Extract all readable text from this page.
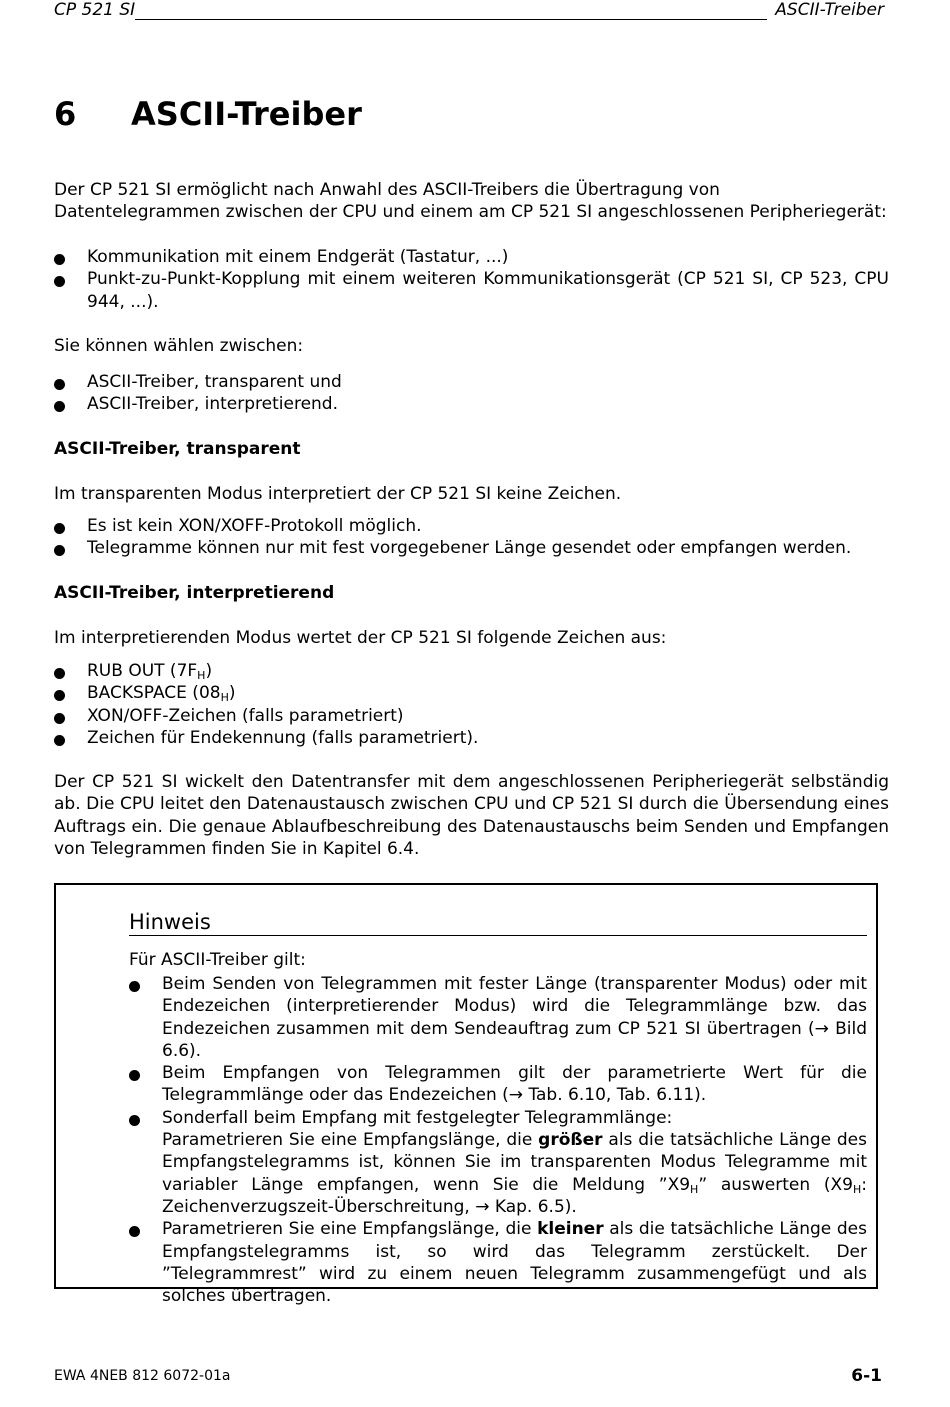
CP 521 SI	ASCII-Treiber
6 ASCII-Treiber

Der CP 521 SI ermöglicht nach Anwahl des ASCII-Treibers die Übertragung von Datentelegrammen zwischen der CPU und einem am CP 521 SI angeschlossenen Peripheriegerät:

Kommunikation mit einem Endgerät (Tastatur, ...)
Punkt-zu-Punkt-Kopplung mit einem weiteren Kommunikationsgerät (CP 521 SI, CP 523, CPU 944, ...).

Sie können wählen zwischen:

ASCII-Treiber, transparent und
ASCII-Treiber, interpretierend.
ASCII-Treiber, transparent

Im transparenten Modus interpretiert der CP 521 SI keine Zeichen.

Es ist kein XON/XOFF-Protokoll möglich.
Telegramme können nur mit fest vorgegebener Länge gesendet oder empfangen werden.
ASCII-Treiber, interpretierend

Im interpretierenden Modus wertet der CP 521 SI folgende Zeichen aus:

RUB OUT $(7F_H)$
BACKSPACE $(08_H)$
XON/OFF-Zeichen (falls parametriert)
Zeichen für Endekennung (falls parametriert).

Der CP 521 SI wickelt den Datentransfer mit dem angeschlossenen Peripheriegerät selbständig ab. Die CPU leitet den Datenaustausch zwischen CPU und CP 521 SI durch die Übersendung eines Auftrags ein. Die genaue Ablaufbeschreibung des Datenaustauschs beim Senden und Empfangen von Telegrammen finden Sie in Kapitel 6.4.

Hinweis
Für ASCII-Treiber gilt:
Beim Senden von Telegrammen mit fester Länge (transparenter Modus) oder mit Endezeichen (interpretierender Modus) wird die Telegrammlänge bzw. das Endezeichen zusammen mit dem Sendeauftrag zum CP 521 SI übertragen (→ Bild 6.6).
Beim Empfangen von Telegrammen gilt der parametrierte Wert für die Telegrammlänge oder das Endezeichen (→ Tab. 6.10, Tab. 6.11).
Sonderfall beim Empfang mit festgelegter Telegrammlänge:
Parametrieren Sie eine Empfangslänge, die größer als die tatsächliche Länge des Empfangstelegramms ist, können Sie im transparenten Modus Telegramme mit variabler Länge empfangen, wenn Sie die Meldung $”X9_H$” auswerten ($X9_H$: Zeichenverzugszeit-Überschreitung, → Kap. 6.5).
Parametrieren Sie eine Empfangslänge, die kleiner als die tatsächliche Länge des Empfangstelegramms ist, so wird das Telegramm zerstückelt. Der ”Telegrammrest” wird zu einem neuen Telegramm zusammengefügt und als solches übertragen.
EWA 4NEB 812 6072-01a	6-1
